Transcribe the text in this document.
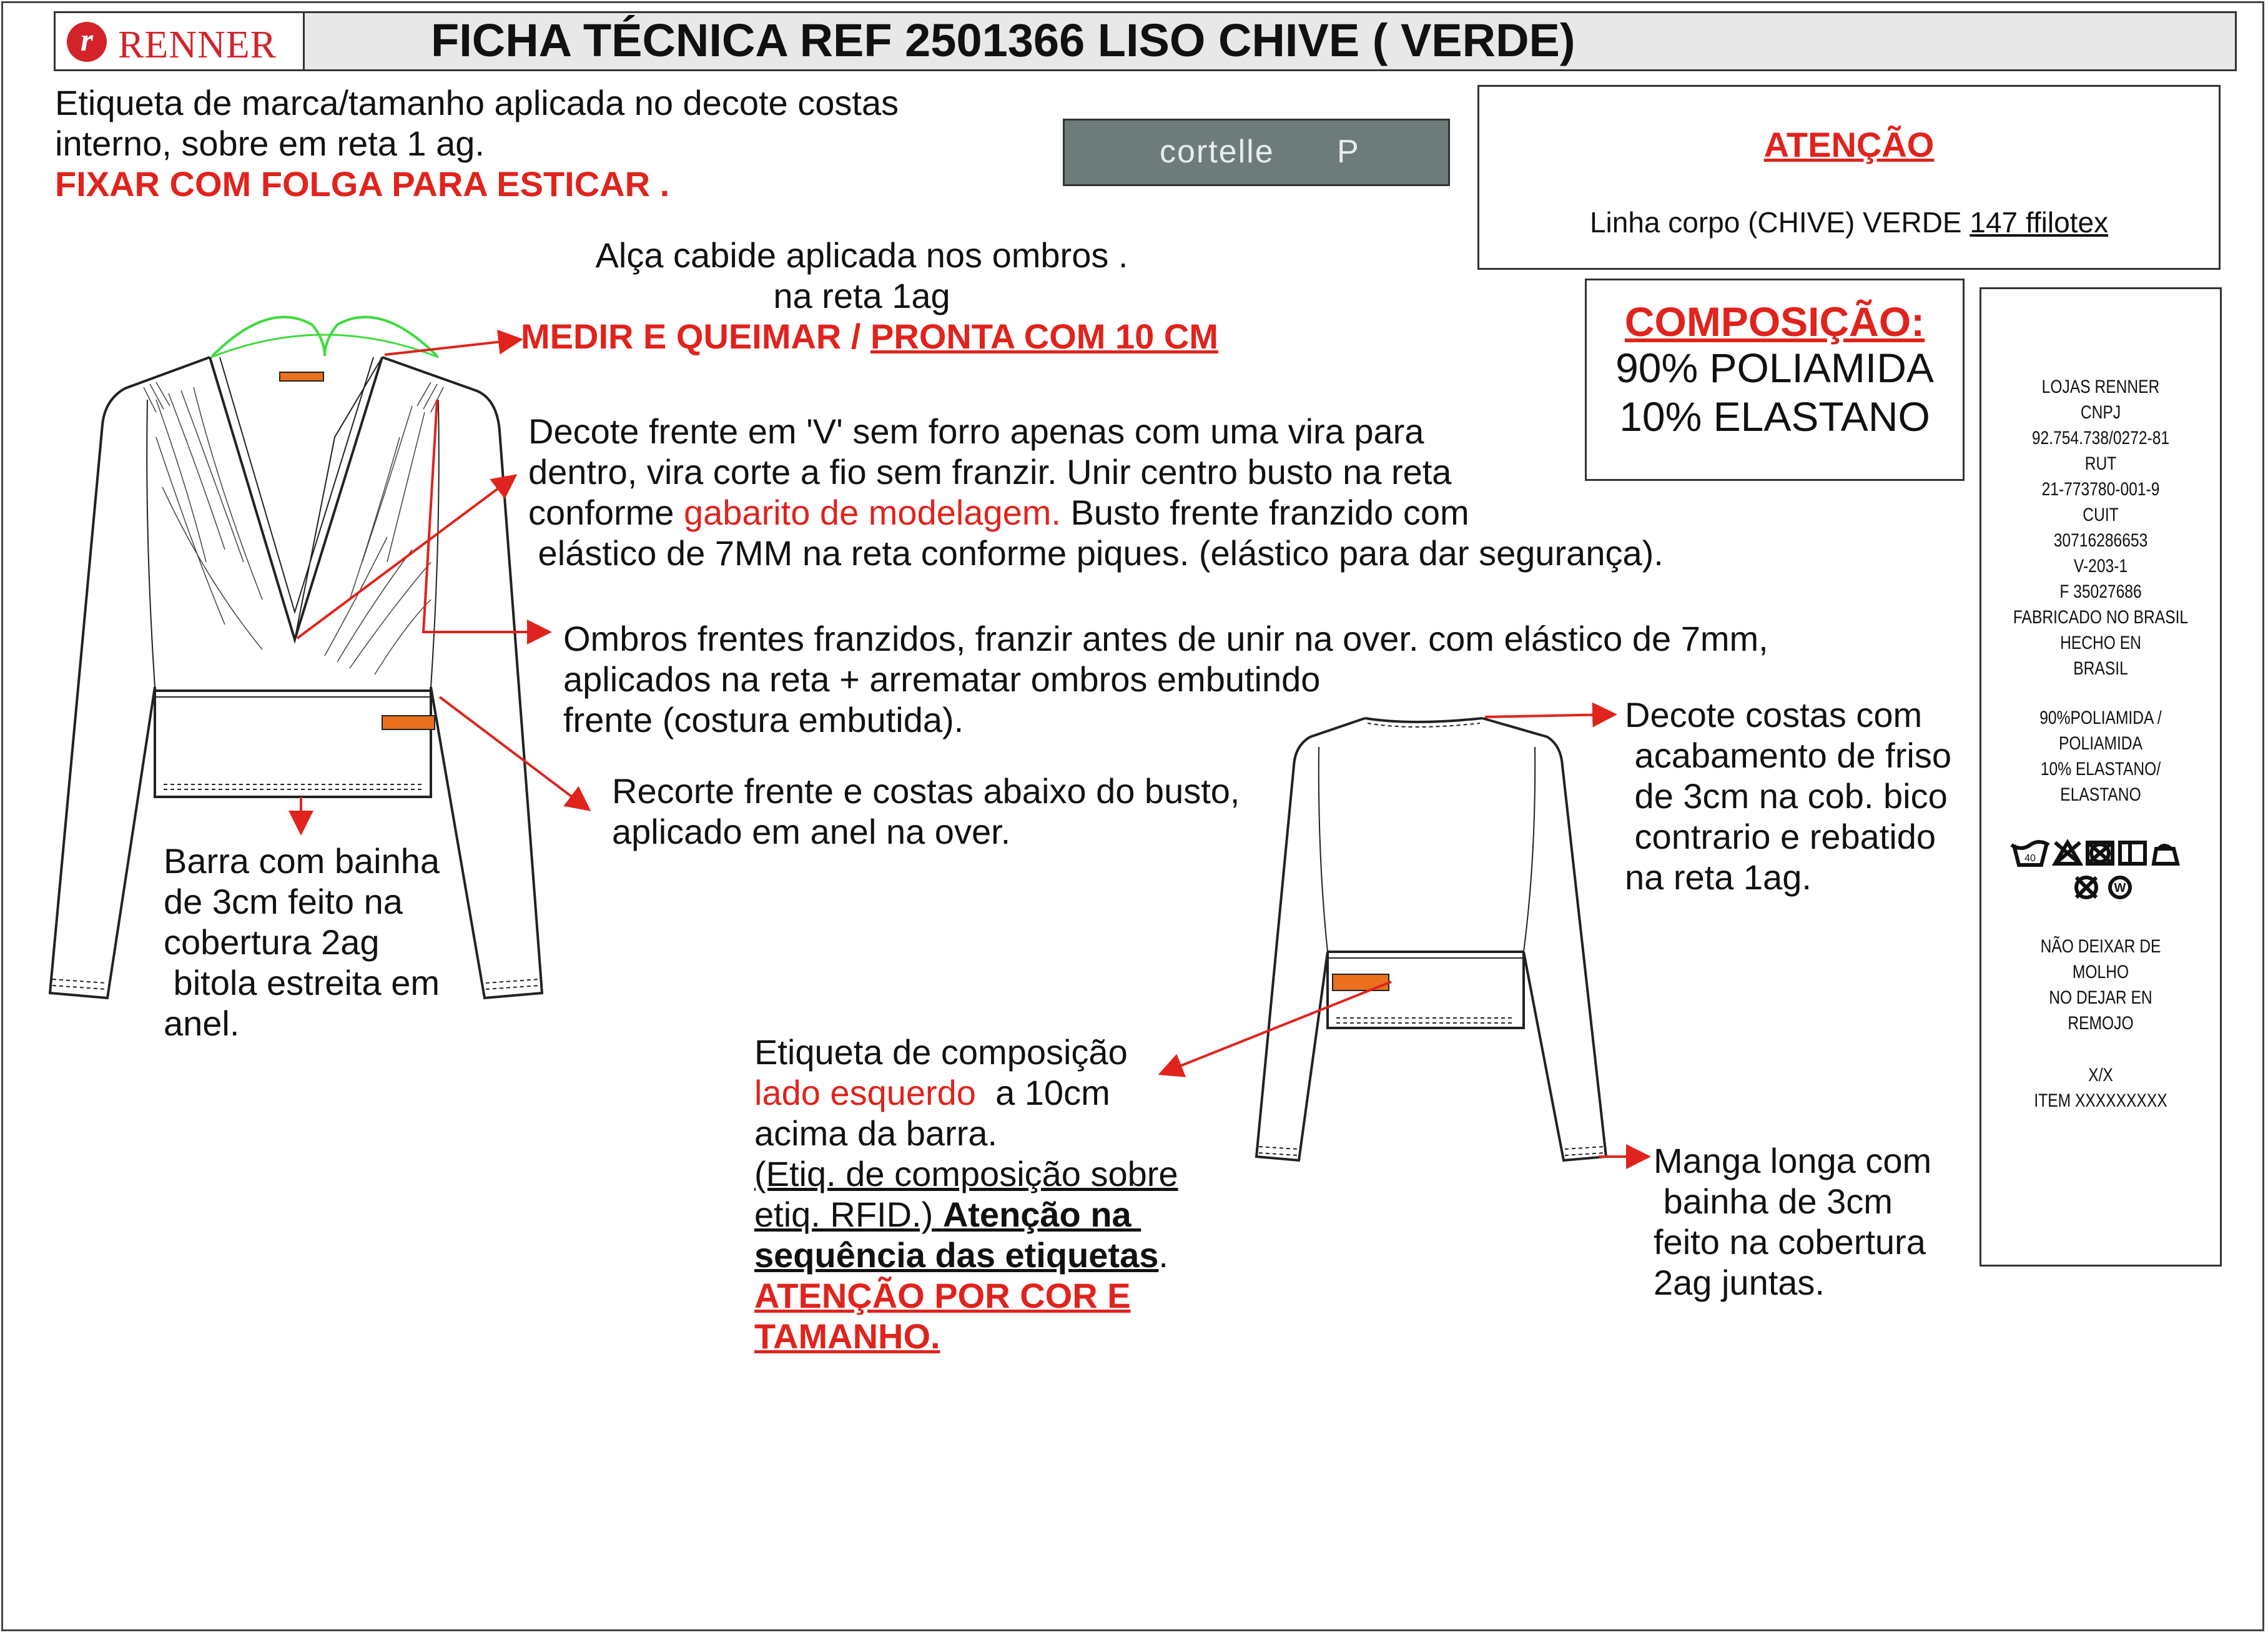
r RENNER	FICHA TÉCNICA REF 2501366 LISO CHIVE ( VERDE)
Etiqueta de marca/tamanho aplicada no decote costas
interno, sobre em reta 1 ag.
FIXAR COM FOLGA PARA ESTICAR .
cortelle P	ATENÇÃO
Linha corpo (CHIVE) VERDE 147 ffilotex
COMPOSIÇÃO:
90% POLIAMIDA
10% ELASTANO
LOJAS RENNER
CNPJ
92.754.738/0272-81
RUT
21-773780-001-9
CUIT
30716286653
V-203-1
F 35027686
FABRICADO NO BRASIL
HECHO EN
BRASIL
90%POLIAMIDA /
POLIAMIDA
10% ELASTANO/
ELASTANO
40
W
NÃO DEIXAR DE
MOLHO
NO DEJAR EN
REMOJO
X/X
ITEM XXXXXXXXX
Alça cabide aplicada nos ombros .
na reta 1ag
MEDIR E QUEIMAR / PRONTA COM 10 CM
Decote frente em 'V' sem forro apenas com uma vira para
dentro, vira corte a fio sem franzir. Unir centro busto na reta
conforme gabarito de modelagem. Busto frente franzido com
elástico de 7MM na reta conforme piques. (elástico para dar segurança).
Ombros frentes franzidos, franzir antes de unir na over. com elástico de 7mm,
aplicados na reta + arrematar ombros embutindo
frente (costura embutida).
Recorte frente e costas abaixo do busto,
aplicado em anel na over.
Barra com bainha
de 3cm feito na
cobertura 2ag
bitola estreita em
anel.
Etiqueta de composição
lado esquerdo  a 10cm
acima da barra.
(Etiq. de composição sobre
etiq. RFID.) Atenção na
sequência das etiquetas.
ATENÇÃO POR COR E
TAMANHO.
Decote costas com
acabamento de friso
de 3cm na cob. bico
contrario e rebatido
na reta 1ag.
Manga longa com
bainha de 3cm
feito na cobertura
2ag juntas.
